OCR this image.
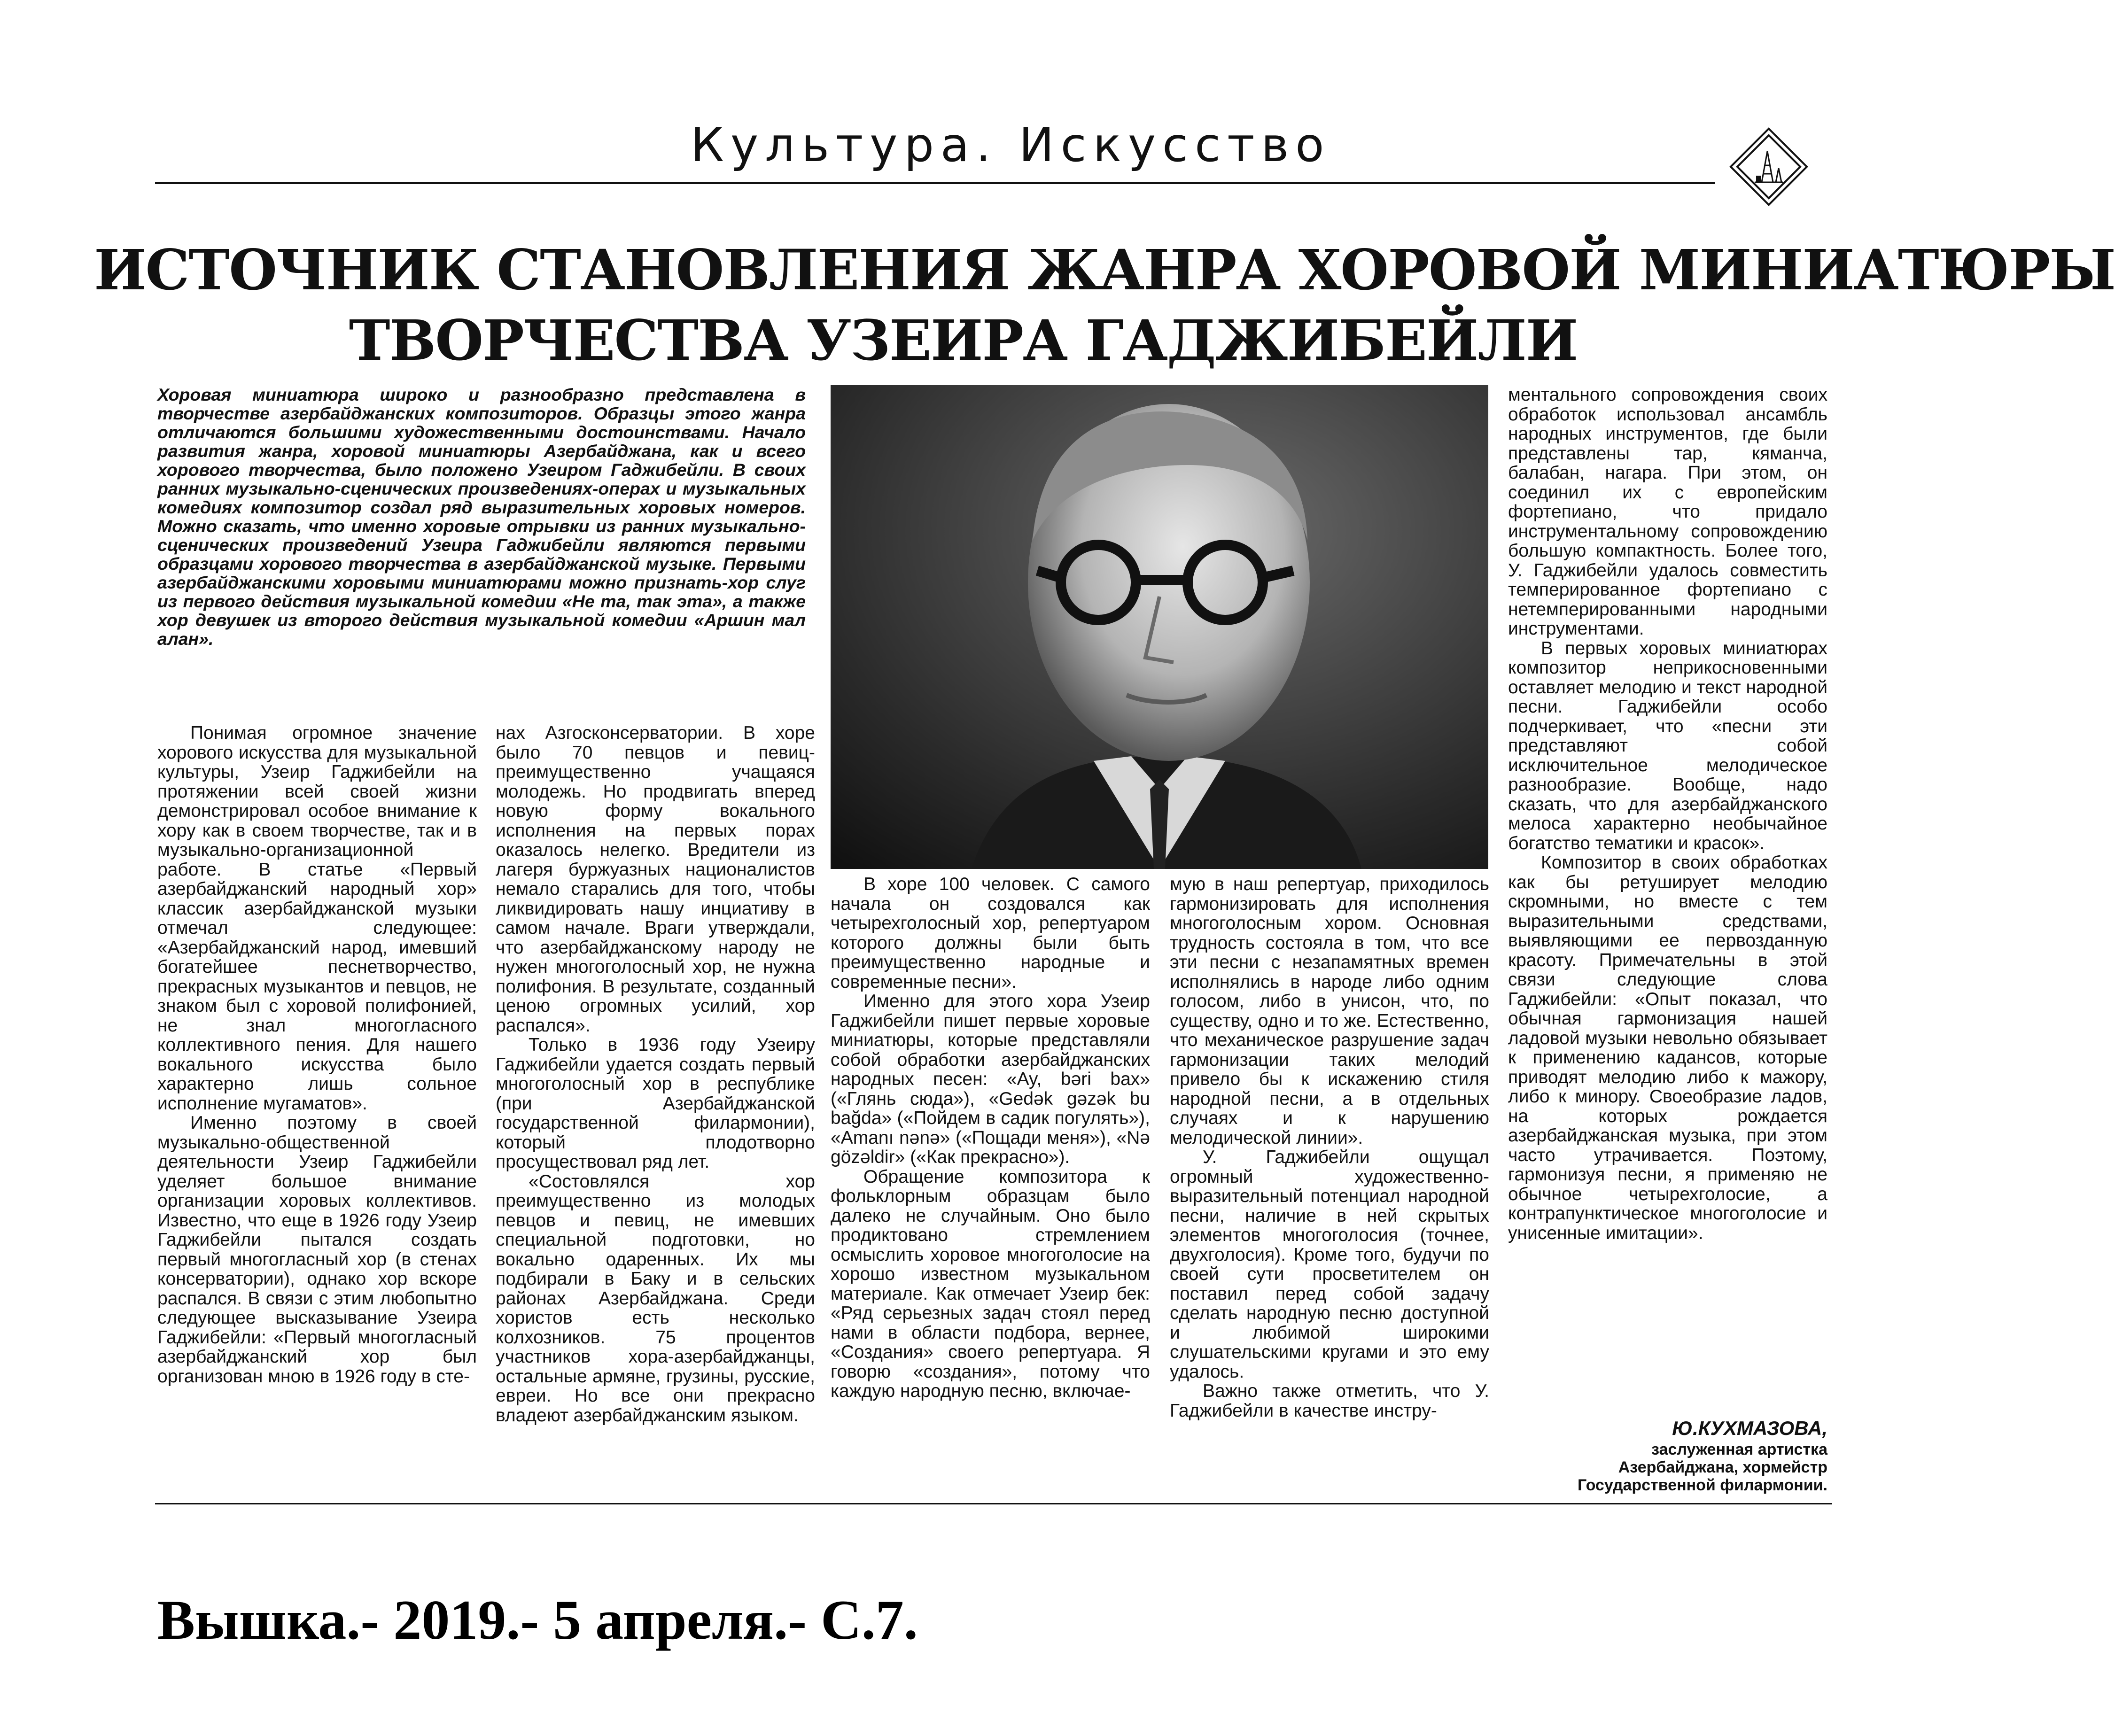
Культура. Искусство
ИСТОЧНИК СТАНОВЛЕНИЯ ЖАНРА ХОРОВОЙ МИНИАТЮРЫ
ТВОРЧЕСТВА УЗЕИРА ГАДЖИБЕЙЛИ
Хоровая миниатюра широко и разнообразно представлена в творчестве азербайджанских композиторов. Образцы этого жанра отличаются большими художественными достоинствами. Начало развития жанра, хоровой миниатюры Азербайджана, как и всего хорового творчества, было положено Узеиром Гаджибейли. В своих ранних музыкально-сценических произведениях-операх и музыкальных комедиях композитор создал ряд выразительных хоровых номеров. Можно сказать, что именно хоровые отрывки из ранних музыкально-сценических произведений Узеира Гаджибейли являются первыми образцами хорового творчества в азербайджанской музыке. Первыми азербайджанскими хоровыми миниатюрами можно признать-хор слуг из первого действия музыкальной комедии «Не та, так эта», а также хор девушек из второго действия музыкальной комедии «Аршин мал алан».

Понимая огромное значение хорового искусства для музыкальной культуры, Узеир Гаджибейли на протяжении всей своей жизни демонстрировал особое внимание к хору как в своем творчестве, так и в музыкально-организационной работе. В статье «Первый азербайджанский народный хор» классик азербайджанской музыки отмечал следующее: «Азербайджанский народ, имевший богатейшее песнетворчество, прекрасных музыкантов и певцов, не знаком был с хоровой полифонией, не знал многогласного коллективного пения. Для нашего вокального искусства было характерно лишь сольное исполнение мугаматов».

Именно поэтому в своей музыкально-общественной деятельности Узеир Гаджибейли уделяет большое внимание организации хоровых коллективов. Известно, что еще в 1926 году Узеир Гаджибейли пытался создать первый многогласный хор (в стенах консерватории), однако хор вскоре распался. В связи с этим любопытно следующее высказывание Узеира Гаджибейли: «Первый многогласный азербайджанский хор был организован мною в 1926 году в сте-

нах Азгосконсерватории. В хоре было 70 певцов и певиц-преимущественно учащаяся молодежь. Но продвигать вперед новую форму вокального исполнения на первых порах оказалось нелегко. Вредители из лагеря буржуазных националистов немало старались для того, чтобы ликвидировать нашу инциативу в самом начале. Враги утверждали, что азербайджанскому народу не нужен многоголосный хор, не нужна полифония. В результате, созданный ценою огромных усилий, хор распался».

Только в 1936 году Узеиру Гаджибейли удается создать первый многоголосный хор в республике (при Азербайджанской государственной филармонии), который плодотворно просуществовал ряд лет.

«Состовлялся хор преимущественно из молодых певцов и певиц, не имевших специальной подготовки, но вокально одаренных. Их мы подбирали в Баку и в сельских районах Азербайджана. Среди хористов есть несколько колхозников. 75 процентов участников хора-азербайджанцы, остальные армяне, грузины, русские, евреи. Но все они прекрасно владеют азербайджанским языком.

В хоре 100 человек. С самого начала он создовался как четырехголосный хор, репертуаром которого должны были быть преимущественно народные и современные песни».

Именно для этого хора Узеир Гаджибейли пишет первые хоровые миниатюры, которые представляли собой обработки азербайджанских народных песен: «Ay, bəri bax» («Глянь сюда»), «Gedək gəzək bu bağda» («Пойдем в садик погулять»), «Amanı nənə» («Пощади меня»), «Nə gözəldir» («Как прекрасно»).

Обращение композитора к фольклорным образцам было далеко не случайным. Оно было продиктовано стремлением осмыслить хоровое многоголосие на хорошо известном музыкальном материале. Как отмечает Узеир бек: «Ряд серьезных задач стоял перед нами в области подбора, вернее, «Создания» своего репертуара. Я говорю «создания», потому что каждую народную песню, включае-

мую в наш репертуар, приходилось гармонизировать для исполнения многоголосным хором. Основная трудность состояла в том, что все эти песни с незапамятных времен исполнялись в народе либо одним голосом, либо в унисон, что, по существу, одно и то же. Естественно, что механическое разрушение задач гармонизации таких мелодий привело бы к искажению стиля народной песни, а в отдельных случаях и к нарушению мелодической линии».

У. Гаджибейли ощущал огромный художественно-выразительный потенциал народной песни, наличие в ней скрытых элементов многоголосия (точнее, двухголосия). Кроме того, будучи по своей сути просветителем он поставил перед собой задачу сделать народную песню доступной и любимой широкими слушательскими кругами и это ему удалось.

Важно также отметить, что У. Гаджибейли в качестве инстру-

ментального сопровождения своих обработок использовал ансамбль народных инструментов, где были представлены тар, кяманча, балабан, нагара. При этом, он соединил их с европейским фортепиано, что придало инструментальному сопровождению большую компактность. Более того, У. Гаджибейли удалось совместить темперированное фортепиано с нетемперированными народными инструментами.

В первых хоровых миниатюрах композитор неприкосновенными оставляет мелодию и текст народной песни. Гаджибейли особо подчеркивает, что «песни эти представляют собой исключительное мелодическое разнообразие. Вообще, надо сказать, что для азербайджанского мелоса характерно необычайное богатство тематики и красок».

Композитор в своих обработках как бы ретуширует мелодию скромными, но вместе с тем выразительными средствами, выявляющими ее первозданную красоту. Примечательны в этой связи следующие слова Гаджибейли: «Опыт показал, что обычная гармонизация нашей ладовой музыки невольно обязывает к применению кадансов, которые приводят мелодию либо к мажору, либо к минору. Своеобразие ладов, на которых рождается азербайджанская музыка, при этом часто утрачивается. Поэтому, гармонизуя песни, я применяю не обычное четырехголосие, а контрапунктическое многоголосие и унисенные имитации».

Ю.КУХМАЗОВА,
заслуженная артистка
Азербайджана, хормейстр
Государственной филармонии.
Вышка.- 2019.- 5 апреля.- С.7.
